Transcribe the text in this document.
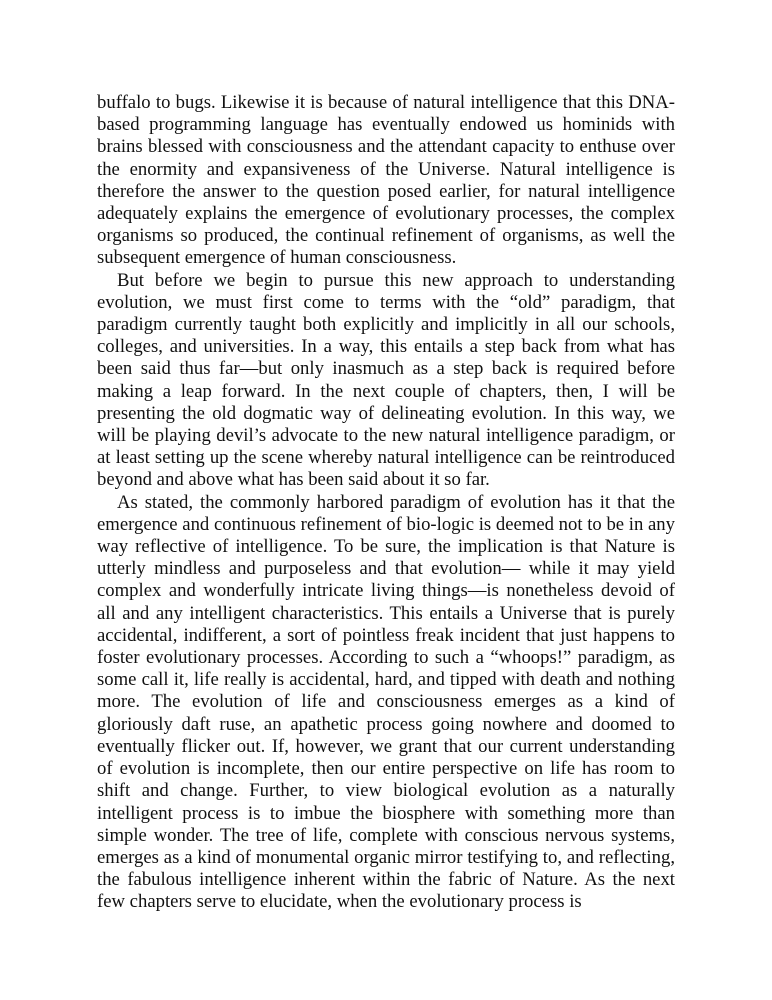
buffalo to bugs. Likewise it is because of natural intelligence that this DNA-based programming language has eventually endowed us hominids with brains blessed with consciousness and the attendant capacity to enthuse over the enormity and expansiveness of the Universe. Natural intelligence is therefore the answer to the question posed earlier, for natural intelligence adequately explains the emergence of evolutionary processes, the complex organisms so produced, the continual refinement of organisms, as well the subsequent emergence of human consciousness.

But before we begin to pursue this new approach to understanding evolution, we must first come to terms with the “old” paradigm, that paradigm currently taught both explicitly and implicitly in all our schools, colleges, and universities. In a way, this entails a step back from what has been said thus far—but only inasmuch as a step back is required before making a leap forward. In the next couple of chapters, then, I will be presenting the old dogmatic way of delineating evolution. In this way, we will be playing devil’s advocate to the new natural intelligence paradigm, or at least setting up the scene whereby natural intelligence can be reintroduced beyond and above what has been said about it so far.

As stated, the commonly harbored paradigm of evolution has it that the emergence and continuous refinement of bio-logic is deemed not to be in any way reflective of intelligence. To be sure, the implication is that Nature is utterly mindless and purposeless and that evolution— while it may yield complex and wonderfully intricate living things—is nonetheless devoid of all and any intelligent characteristics. This entails a Universe that is purely accidental, indifferent, a sort of pointless freak incident that just happens to foster evolutionary processes. According to such a “whoops!” paradigm, as some call it, life really is accidental, hard, and tipped with death and nothing more. The evolution of life and consciousness emerges as a kind of gloriously daft ruse, an apathetic process going nowhere and doomed to eventually flicker out. If, however, we grant that our current understanding of evolution is incomplete, then our entire perspective on life has room to shift and change. Further, to view biological evolution as a naturally intelligent process is to imbue the biosphere with something more than simple wonder. The tree of life, complete with conscious nervous systems, emerges as a kind of monumental organic mirror testifying to, and reflecting, the fabulous intelligence inherent within the fabric of Nature. As the next few chapters serve to elucidate, when the evolutionary process is
